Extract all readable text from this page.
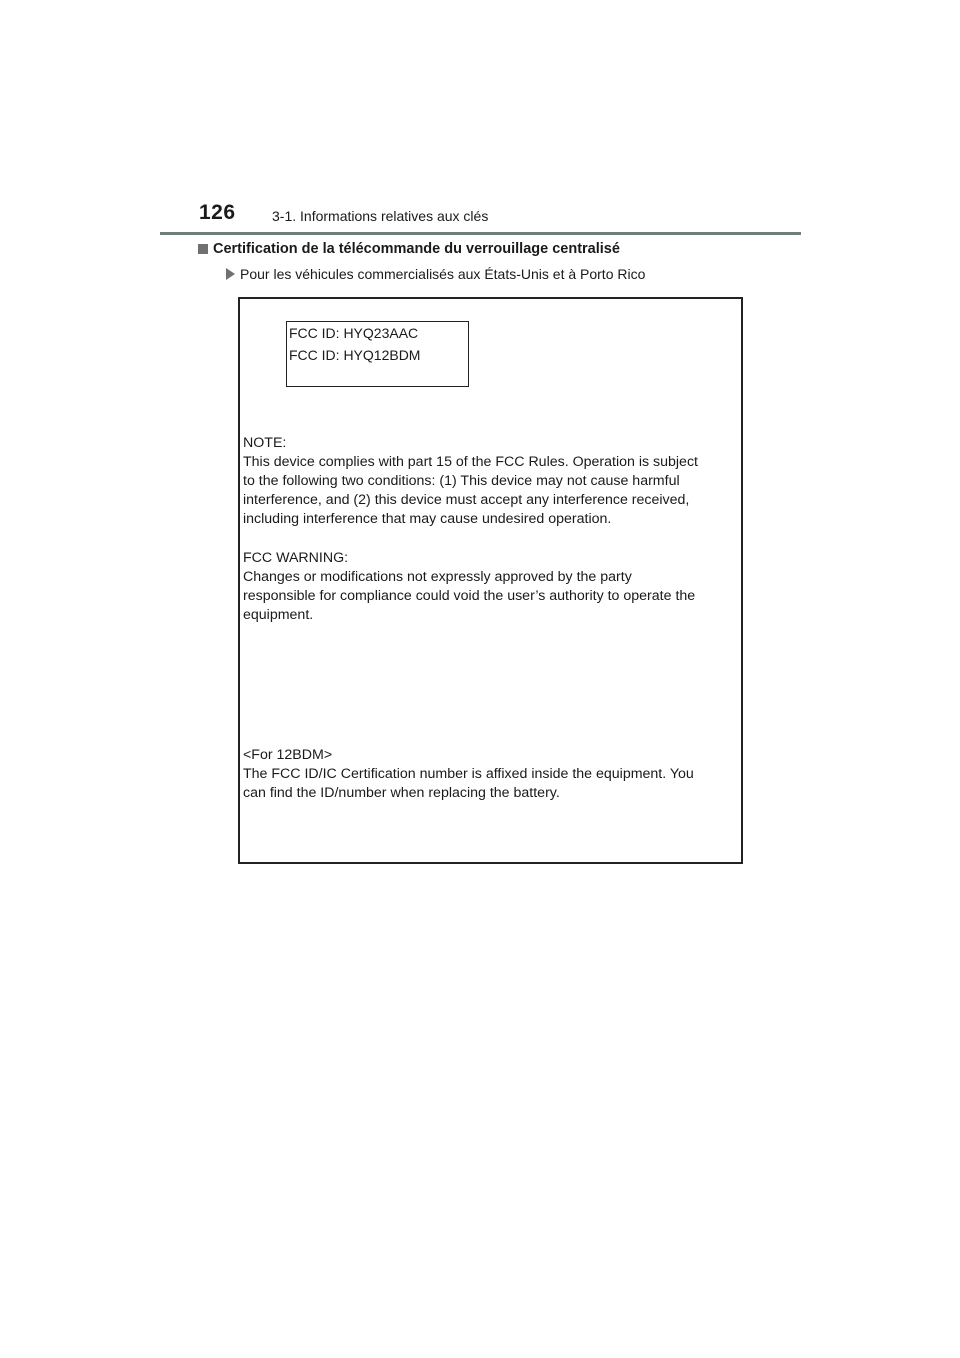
126	3-1. Informations relatives aux clés
Certification de la télécommande du verrouillage centralisé
Pour les véhicules commercialisés aux États-Unis et à Porto Rico
FCC ID: HYQ23AAC
FCC ID: HYQ12BDM

NOTE:

This device complies with part 15 of the FCC Rules. Operation is subject

to the following two conditions: (1) This device may not cause harmful

interference, and (2) this device must accept any interference received,

including interference that may cause undesired operation.

FCC WARNING:

Changes or modifications not expressly approved by the party

responsible for compliance could void the user’s authority to operate the

equipment.

<For 12BDM>

The FCC ID/IC Certification number is affixed inside the equipment. You

can find the ID/number when replacing the battery.
